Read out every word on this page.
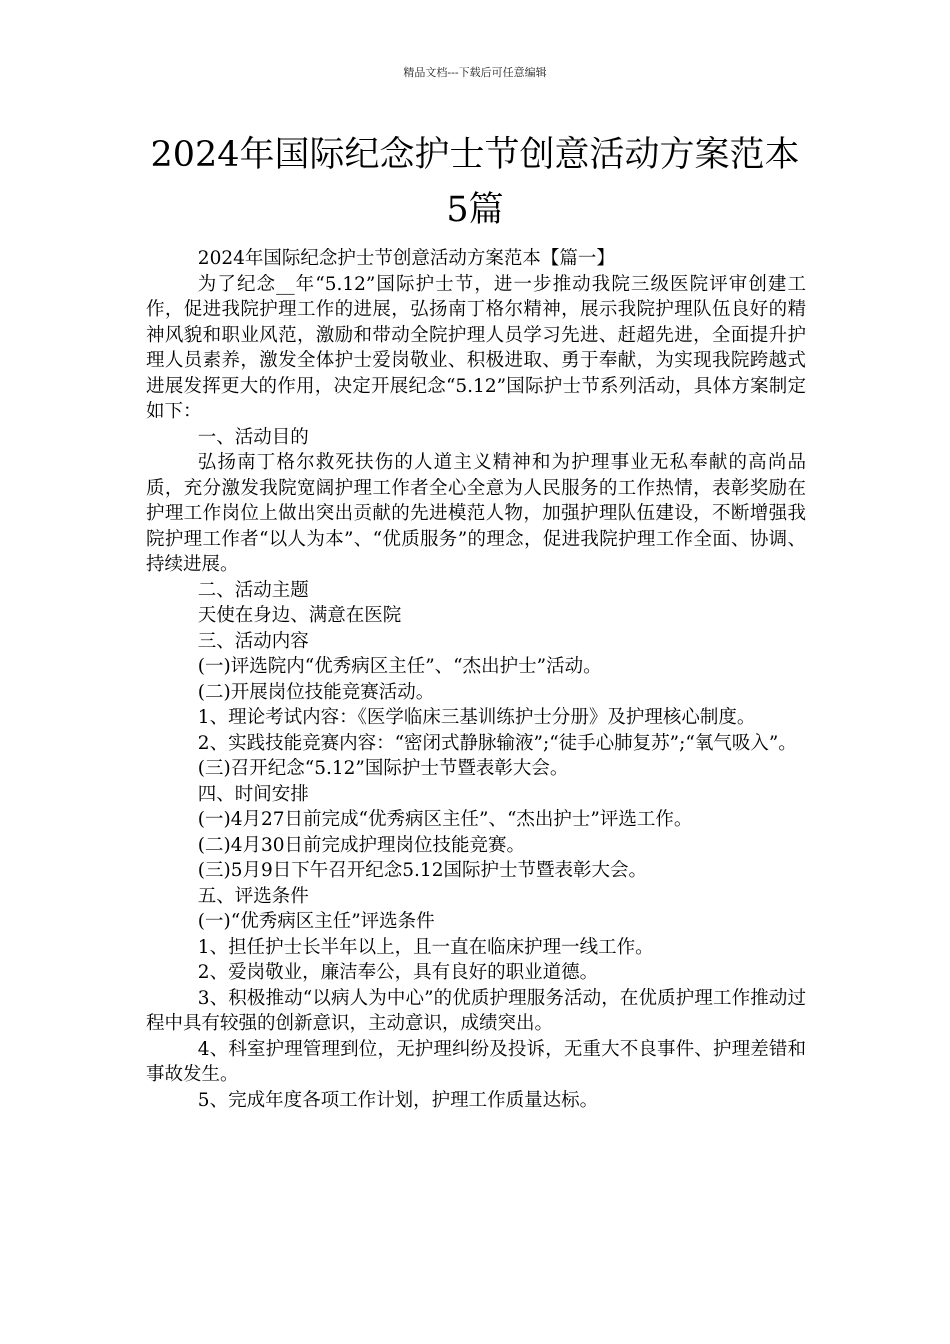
精品文档---下载后可任意编辑
2024年国际纪念护士节创意活动方案范本
5篇

2024年国际纪念护士节创意活动方案范本【篇一】

为了纪念__年“5.12”国际护士节，进一步推动我院三级医院评审创建工作，促进我院护理工作的进展，弘扬南丁格尔精神，展示我院护理队伍良好的精神风貌和职业风范，激励和带动全院护理人员学习先进、赶超先进，全面提升护理人员素养，激发全体护士爱岗敬业、积极进取、勇于奉献，为实现我院跨越式进展发挥更大的作用，决定开展纪念“5.12”国际护士节系列活动，具体方案制定如下：

一、活动目的

弘扬南丁格尔救死扶伤的人道主义精神和为护理事业无私奉献的高尚品质，充分激发我院宽阔护理工作者全心全意为人民服务的工作热情，表彰奖励在护理工作岗位上做出突出贡献的先进模范人物，加强护理队伍建设，不断增强我院护理工作者“以人为本”、“优质服务”的理念，促进我院护理工作全面、协调、持续进展。

二、活动主题

天使在身边、满意在医院

三、活动内容

(一)评选院内“优秀病区主任”、“杰出护士”活动。

(二)开展岗位技能竞赛活动。

1、理论考试内容：《医学临床三基训练护士分册》及护理核心制度。

2、实践技能竞赛内容：“密闭式静脉输液”;“徒手心肺复苏”;“氧气吸入”。

(三)召开纪念“5.12”国际护士节暨表彰大会。

四、时间安排

(一)4月27日前完成“优秀病区主任”、“杰出护士”评选工作。

(二)4月30日前完成护理岗位技能竞赛。

(三)5月9日下午召开纪念5.12国际护士节暨表彰大会。

五、评选条件

(一)“优秀病区主任”评选条件

1、担任护士长半年以上，且一直在临床护理一线工作。

2、爱岗敬业，廉洁奉公，具有良好的职业道德。

3、积极推动“以病人为中心”的优质护理服务活动，在优质护理工作推动过程中具有较强的创新意识，主动意识，成绩突出。

4、科室护理管理到位，无护理纠纷及投诉，无重大不良事件、护理差错和事故发生。

5、完成年度各项工作计划，护理工作质量达标。
